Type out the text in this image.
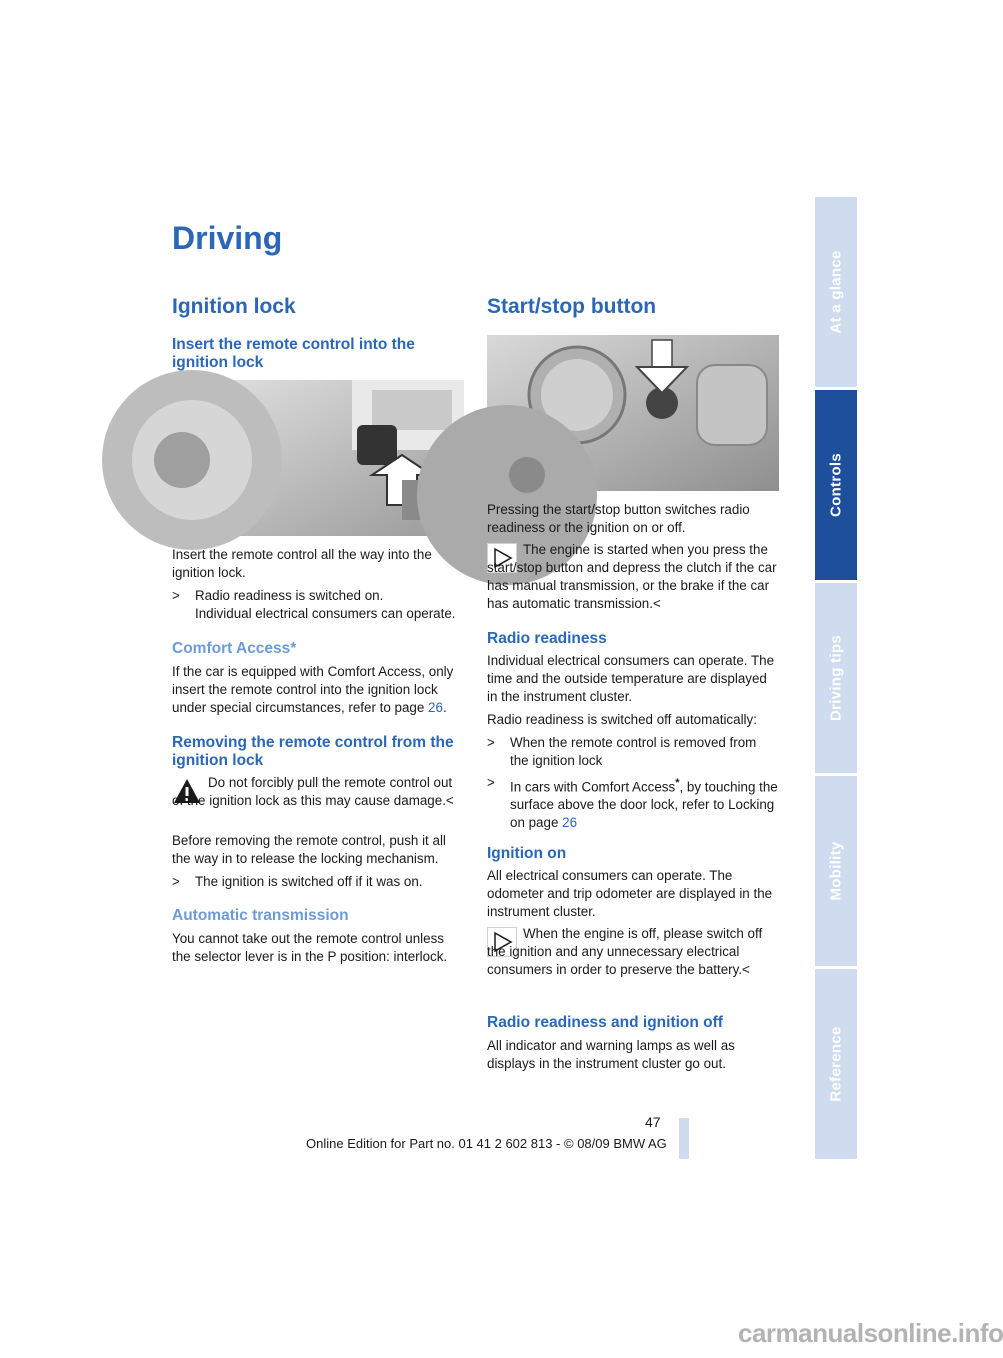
At a glance
Controls
Driving tips
Mobility
Reference
Driving
Ignition lock
Insert the remote control into the ignition lock
Insert the remote control all the way into the ignition lock.
> Radio readiness is switched on.
Individual electrical consumers can operate.
Comfort Access*
If the car is equipped with Comfort Access, only insert the remote control into the ignition lock under special circumstances, refer to page 26.
Removing the remote control from the ignition lock
Do not forcibly pull the remote control out of the ignition lock as this may cause damage.<
Before removing the remote control, push it all the way in to release the locking mechanism.
> The ignition is switched off if it was on.
Automatic transmission
You cannot take out the remote control unless the selector lever is in the P position: interlock.
Start/stop button
Pressing the start/stop button switches radio readiness or the ignition on or off.
The engine is started when you press the start/stop button and depress the clutch if the car has manual transmission, or the brake if the car has automatic transmission.<
Radio readiness
Individual electrical consumers can operate. The time and the outside temperature are displayed in the instrument cluster.
Radio readiness is switched off automatically:
> When the remote control is removed from the ignition lock
> In cars with Comfort Access*, by touching the surface above the door lock, refer to Locking on page 26
Ignition on
All electrical consumers can operate. The odometer and trip odometer are displayed in the instrument cluster.
When the engine is off, please switch off the ignition and any unnecessary electrical consumers in order to preserve the battery.<
Radio readiness and ignition off
All indicator and warning lamps as well as displays in the instrument cluster go out.
47
Online Edition for Part no. 01 41 2 602 813 - © 08/09 BMW AG
carmanualsonline.info
